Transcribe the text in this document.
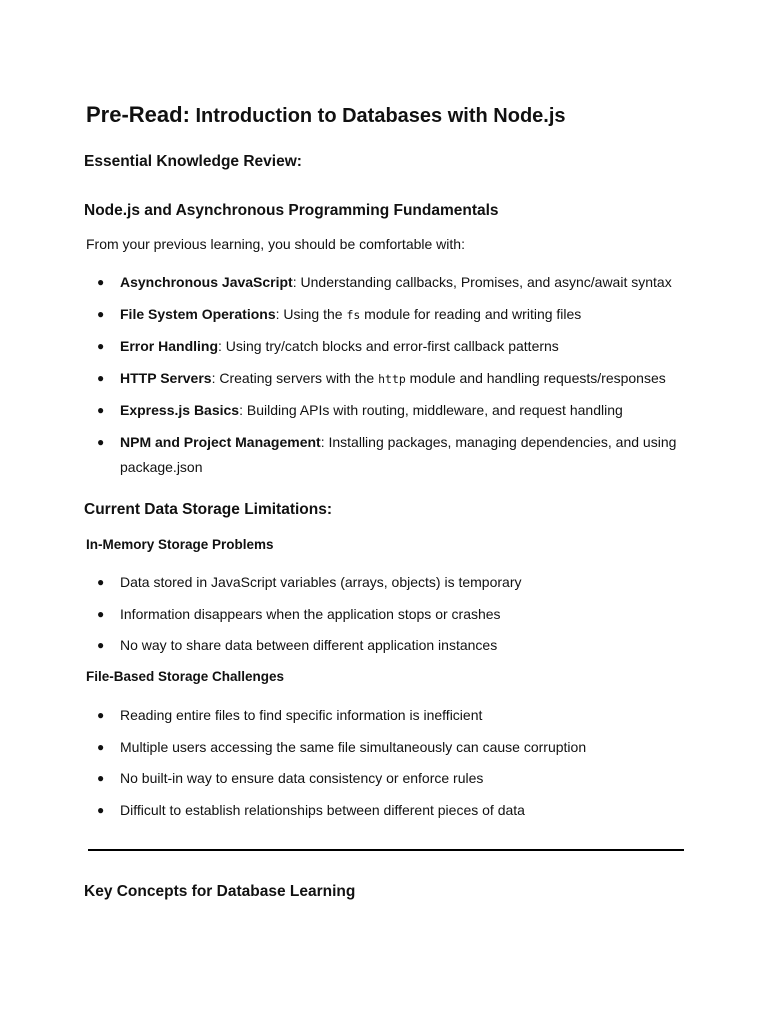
Pre-Read: Introduction to Databases with Node.js
Essential Knowledge Review:
Node.js and Asynchronous Programming Fundamentals

From your previous learning, you should be comfortable with:

● Asynchronous JavaScript: Understanding callbacks, Promises, and async/await syntax
● File System Operations: Using the fs module for reading and writing files
● Error Handling: Using try/catch blocks and error-first callback patterns
● HTTP Servers: Creating servers with the http module and handling requests/responses
● Express.js Basics: Building APIs with routing, middleware, and request handling
● NPM and Project Management: Installing packages, managing dependencies, and using package.json
Current Data Storage Limitations:
In-Memory Storage Problems
● Data stored in JavaScript variables (arrays, objects) is temporary
● Information disappears when the application stops or crashes
● No way to share data between different application instances
File-Based Storage Challenges
● Reading entire files to find specific information is inefficient
● Multiple users accessing the same file simultaneously can cause corruption
● No built-in way to ensure data consistency or enforce rules
● Difficult to establish relationships between different pieces of data
Key Concepts for Database Learning
